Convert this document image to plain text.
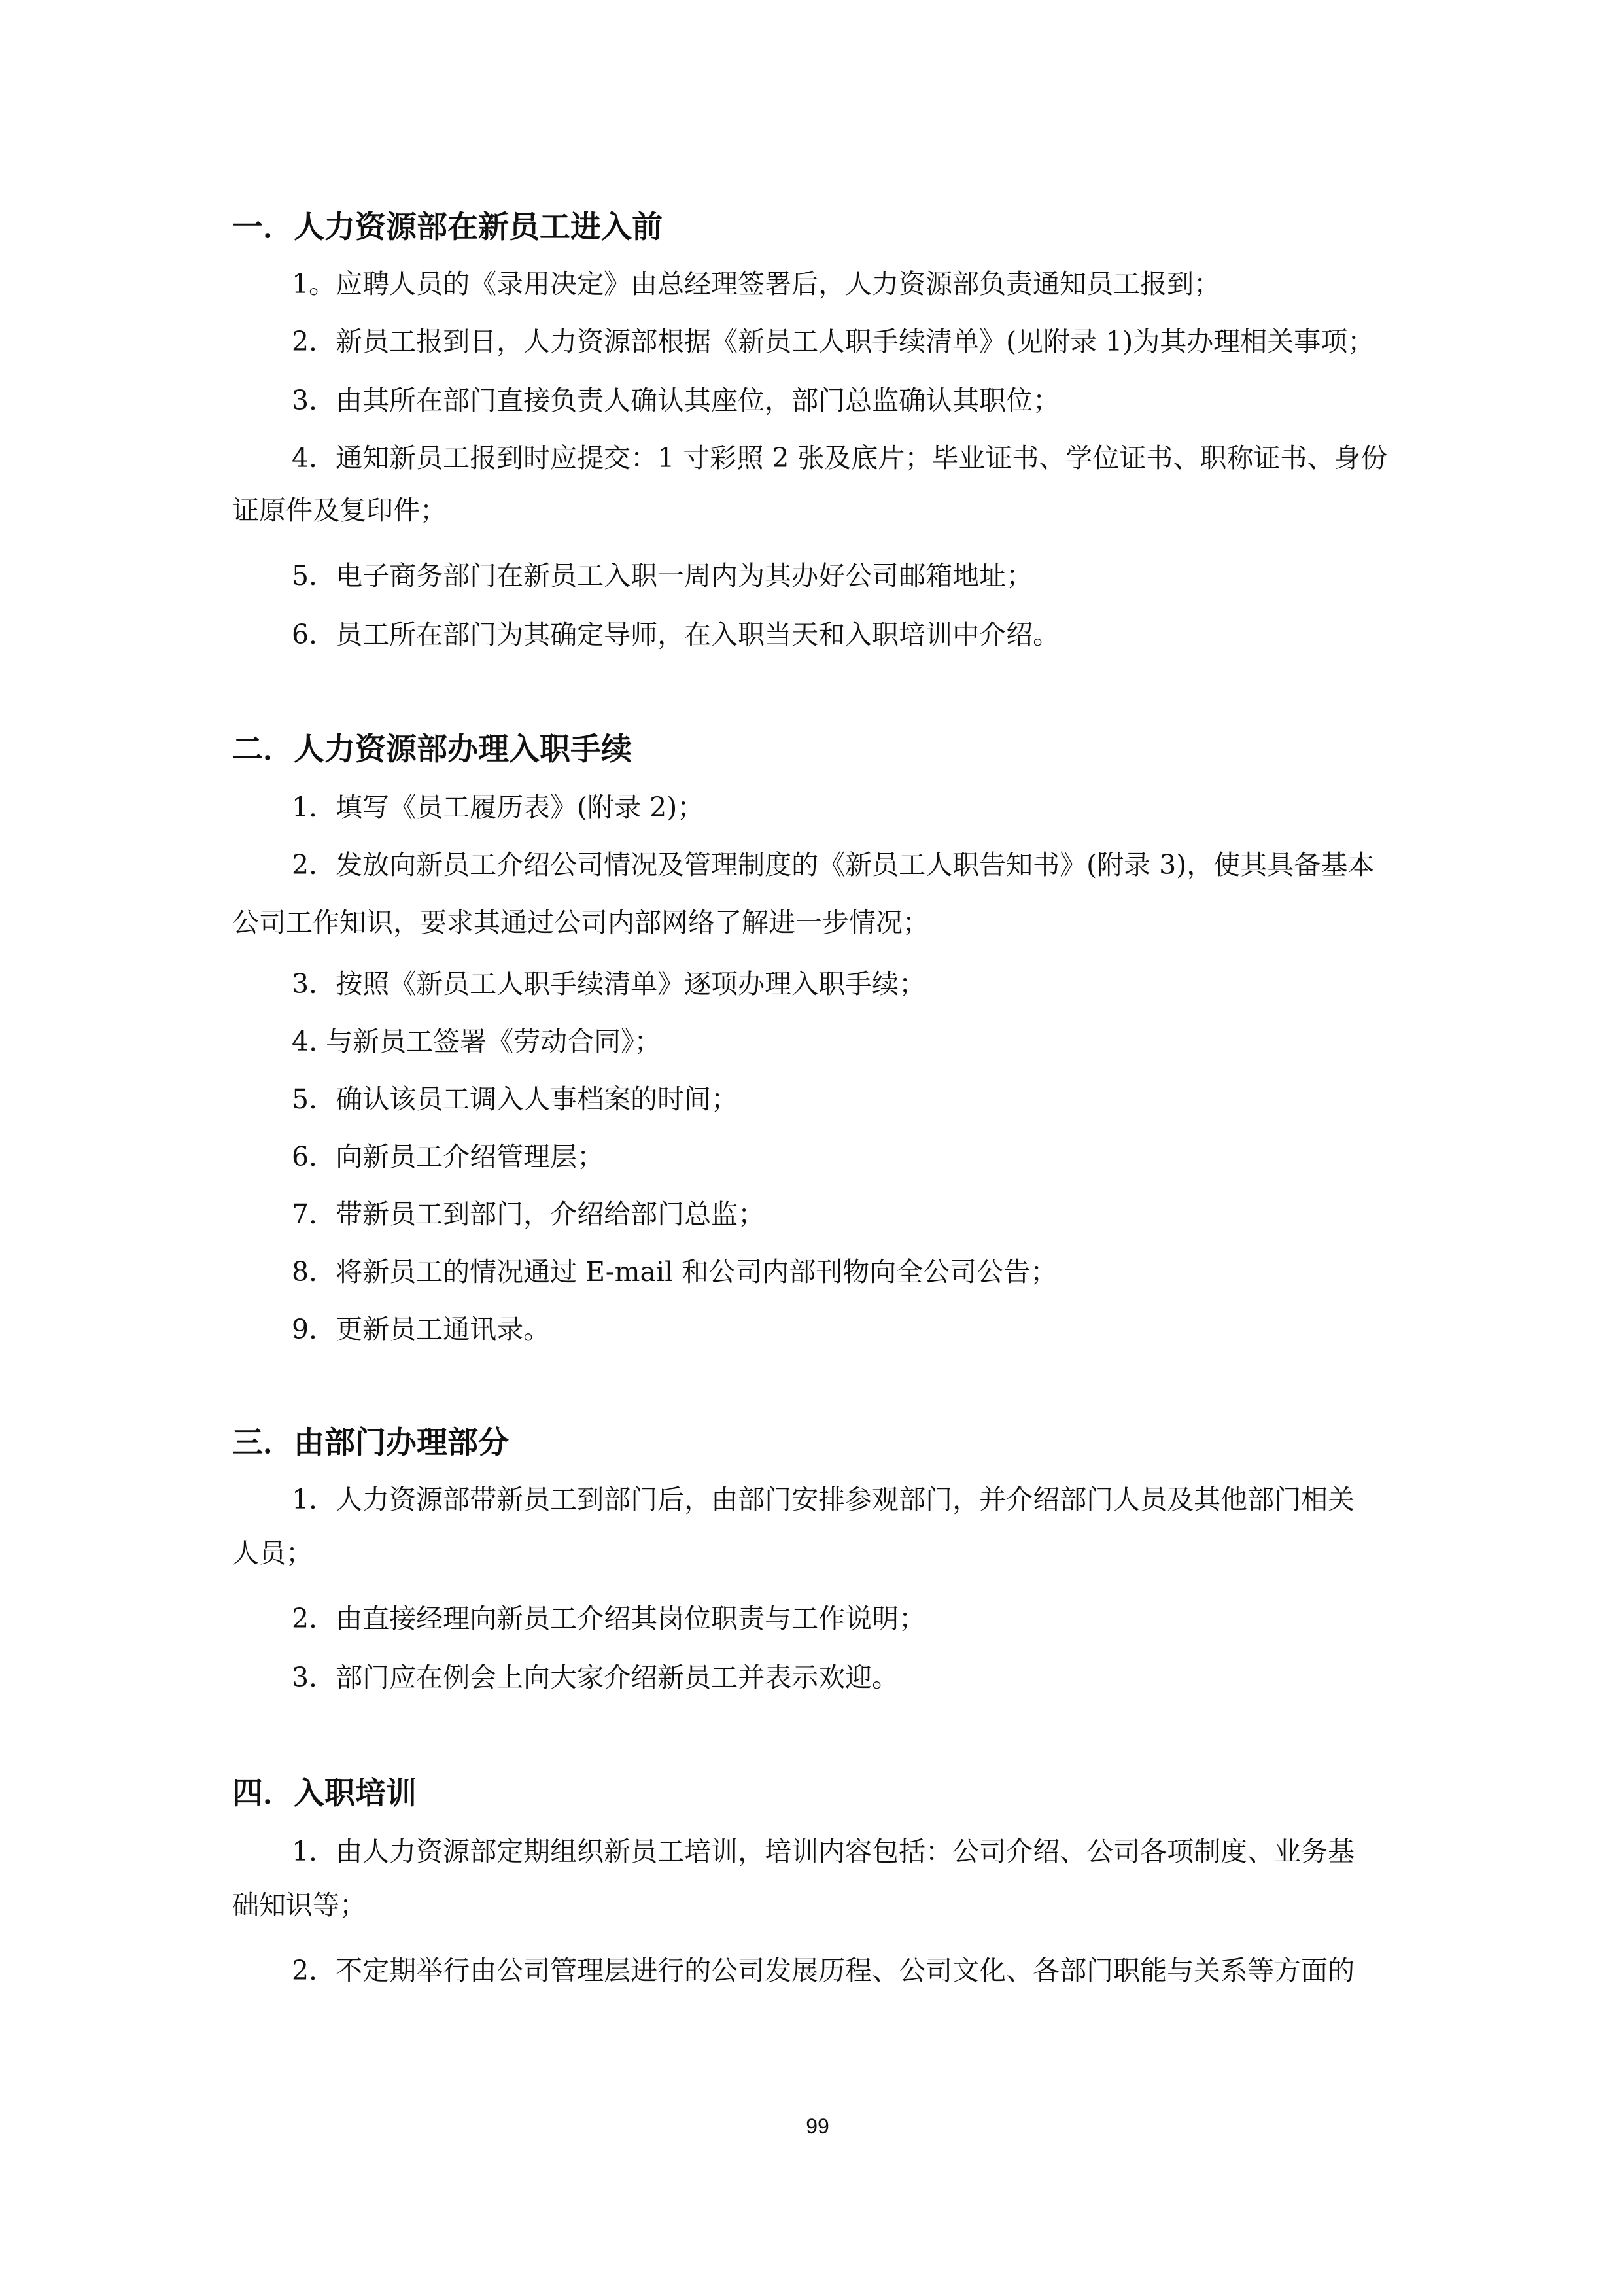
一．人力资源部在新员工进入前
1。应聘人员的《录用决定》由总经理签署后，人力资源部负责通知员工报到；
2．新员工报到日，人力资源部根据《新员工人职手续清单》(见附录 1)为其办理相关事项；
3．由其所在部门直接负责人确认其座位，部门总监确认其职位；
4．通知新员工报到时应提交：1 寸彩照 2 张及底片；毕业证书、学位证书、职称证书、身份
证原件及复印件；
5．电子商务部门在新员工入职一周内为其办好公司邮箱地址；
6．员工所在部门为其确定导师，在入职当天和入职培训中介绍。
二．人力资源部办理入职手续
1．填写《员工履历表》(附录 2)；
2．发放向新员工介绍公司情况及管理制度的《新员工人职告知书》(附录 3)，使其具备基本
公司工作知识，要求其通过公司内部网络了解进一步情况；
3．按照《新员工人职手续清单》逐项办理入职手续；
4. 与新员工签署《劳动合同》；
5．确认该员工调入人事档案的时间；
6．向新员工介绍管理层；
7．带新员工到部门，介绍给部门总监；
8．将新员工的情况通过 E-mail 和公司内部刊物向全公司公告；
9．更新员工通讯录。
三．由部门办理部分
1．人力资源部带新员工到部门后，由部门安排参观部门，并介绍部门人员及其他部门相关
人员；
2．由直接经理向新员工介绍其岗位职责与工作说明；
3．部门应在例会上向大家介绍新员工并表示欢迎。
四．入职培训
1．由人力资源部定期组织新员工培训，培训内容包括：公司介绍、公司各项制度、业务基
础知识等；
2．不定期举行由公司管理层进行的公司发展历程、公司文化、各部门职能与关系等方面的
99
